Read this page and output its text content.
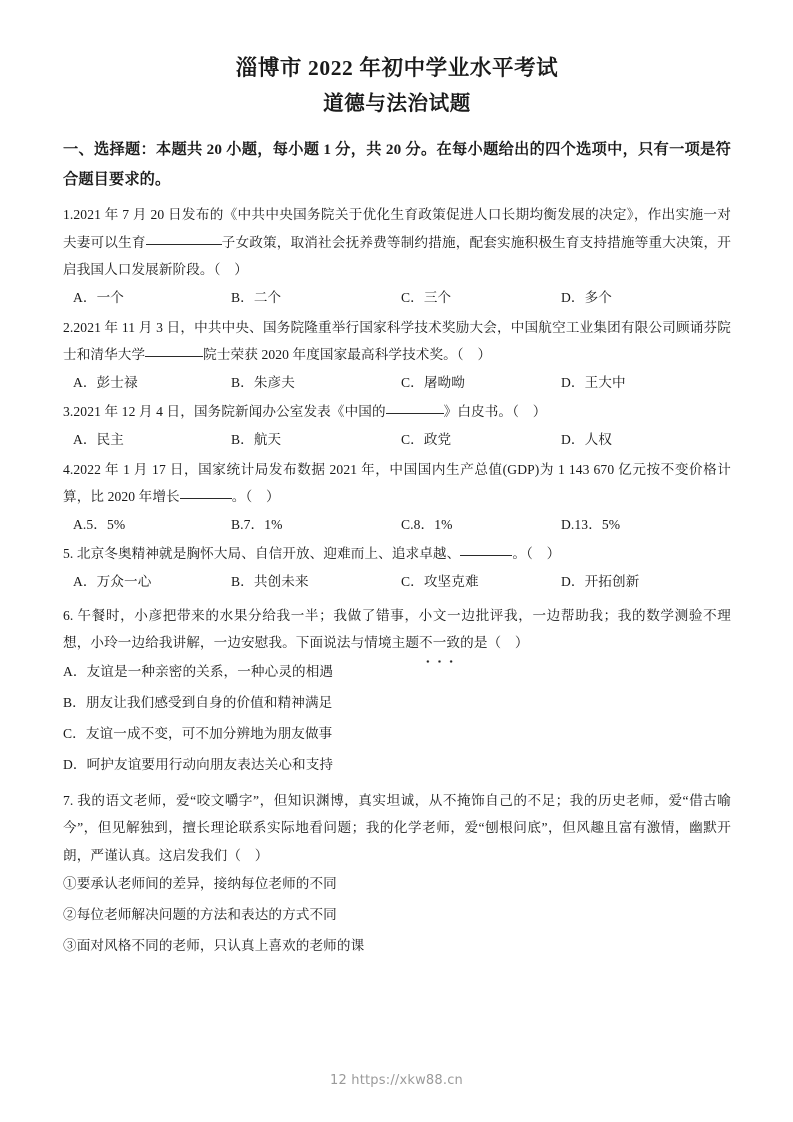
淄博市 2022 年初中学业水平考试
道德与法治试题
一、选择题：本题共 20 小题，每小题 1 分，共 20 分。在每小题给出的四个选项中，只有一项是符合题目要求的。

1.2021 年 7 月 20 日发布的《中共中央国务院关于优化生育政策促进人口长期均衡发展的决定》，作出实施一对夫妻可以生育	子女政策，取消社会抚养费等制约措施，配套实施积极生育支持措施等重大决策，开启我国人口发展新阶段。（　）

A．一个	B．二个	C．三个	D．多个

2.2021 年 11 月 3 日，中共中央、国务院隆重举行国家科学技术奖励大会，中国航空工业集团有限公司顾诵芬院士和清华大学	院士荣获 2020 年度国家最高科学技术奖。（　）

A．彭士禄	B．朱彦夫	C．屠呦呦	D．王大中

3.2021 年 12 月 4 日，国务院新闻办公室发表《中国的	》白皮书。（　）

A．民主	B．航天	C．政党	D．人权

4.2022 年 1 月 17 日，国家统计局发布数据 2021 年，中国国内生产总值(GDP)为 1 143 670 亿元按不变价格计算，比 2020 年增长	。（　）

A.5．5%	B.7．1%	C.8．1%	D.13．5%

5. 北京冬奥精神就是胸怀大局、自信开放、迎难而上、追求卓越、	。（　）

A．万众一心	B．共创未来	C．攻坚克难	D．开拓创新

6. 午餐时，小彦把带来的水果分给我一半；我做了错事，小文一边批评我，一边帮助我；我的数学测验不理想，小玲一边给我讲解，一边安慰我。下面说法与情境主题不一致的是（　）

A．友谊是一种亲密的关系，一种心灵的相遇

B．朋友让我们感受到自身的价值和精神满足

C．友谊一成不变，可不加分辨地为朋友做事

D．呵护友谊要用行动向朋友表达关心和支持

7. 我的语文老师，爱“咬文嚼字”，但知识渊博，真实坦诚，从不掩饰自己的不足；我的历史老师，爱“借古喻今”，但见解独到，擅长理论联系实际地看问题；我的化学老师，爱“刨根问底”，但风趣且富有激情，幽默开朗，严谨认真。这启发我们（　）

①要承认老师间的差异，接纳每位老师的不同

②每位老师解决问题的方法和表达的方式不同

③面对风格不同的老师，只认真上喜欢的老师的课

12 https://xkw88.cn
